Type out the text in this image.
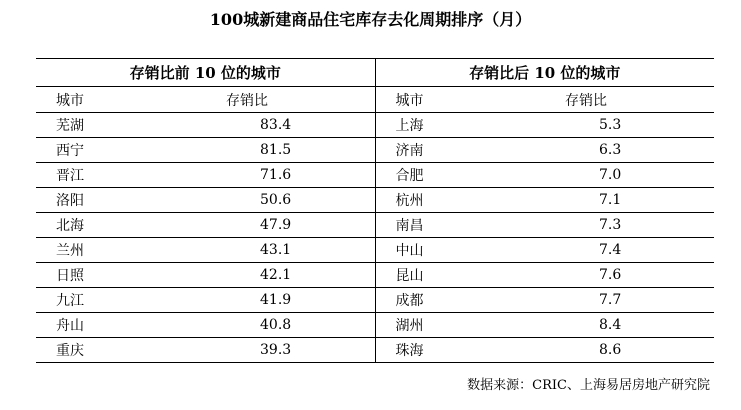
100城新建商品住宅库存去化周期排序（月）
存销比前 10 位的城市		存销比后 10 位的城市	
城市	存销比	城市	存销比
芜湖	83.4	上海	5.3
西宁	81.5	济南	6.3
晋江	71.6	合肥	7.0
洛阳	50.6	杭州	7.1
北海	47.9	南昌	7.3
兰州	43.1	中山	7.4
日照	42.1	昆山	7.6
九江	41.9	成都	7.7
舟山	40.8	湖州	8.4
重庆	39.3	珠海	8.6
数据来源：CRIC、上海易居房地产研究院
